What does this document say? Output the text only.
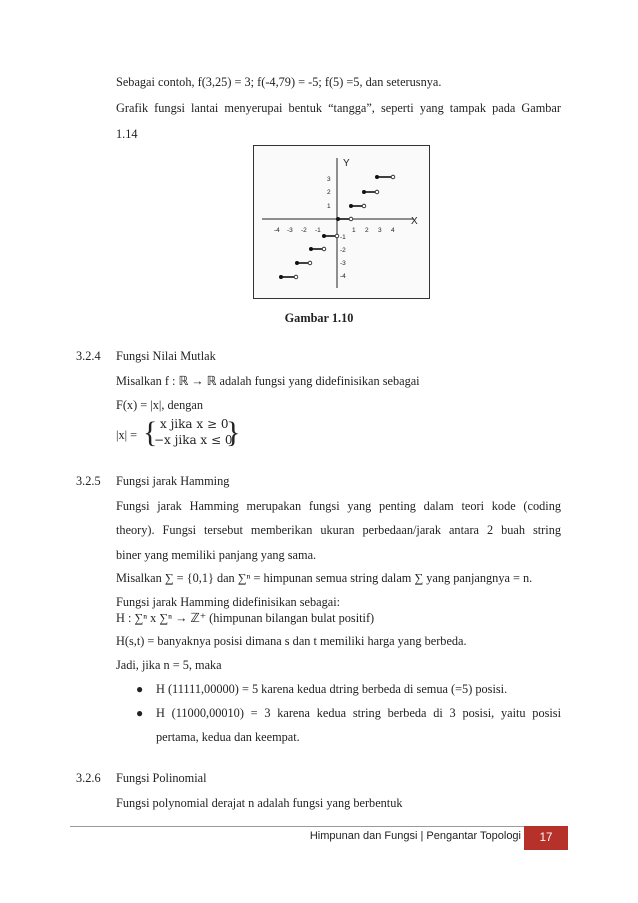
Sebagai contoh, f(3,25) = 3; f(-4,79) = -5; f(5) =5, dan seterusnya.
Grafik fungsi lantai menyerupai bentuk “tangga”, seperti yang tampak pada Gambar
1.14
Y
X
-4 -3 -2 -1	1 2 3 4
3
2
1
-1
-2
-3
-4
Gambar 1.10
3.2.4 Fungsi Nilai Mutlak
Misalkan f : ℝ → ℝ adalah fungsi yang didefinisikan sebagai
F(x) = |x|, dengan
|x| = { x jika x ≥ 0
−x jika x ≤ 0
}
3.2.5 Fungsi jarak Hamming
Fungsi jarak Hamming merupakan fungsi yang penting dalam teori kode (coding
theory). Fungsi tersebut memberikan ukuran perbedaan/jarak antara 2 buah string
biner yang memiliki panjang yang sama.
Misalkan ∑ = {0,1} dan ∑ⁿ = himpunan semua string dalam ∑ yang panjangnya = n.
Fungsi jarak Hamming didefinisikan sebagai:
H : ∑ⁿ x ∑ⁿ → ℤ⁺ (himpunan bilangan bulat positif)
H(s,t) = banyaknya posisi dimana s dan t memiliki harga yang berbeda.
Jadi, jika n = 5, maka
● H (11111,00000) = 5 karena kedua dtring berbeda di semua (=5) posisi.
● H (11000,00010) = 3 karena kedua string berbeda di 3 posisi, yaitu posisi
pertama, kedua dan keempat.
3.2.6 Fungsi Polinomial
Fungsi polynomial derajat n adalah fungsi yang berbentuk
Himpunan dan Fungsi | Pengantar Topologi	17
